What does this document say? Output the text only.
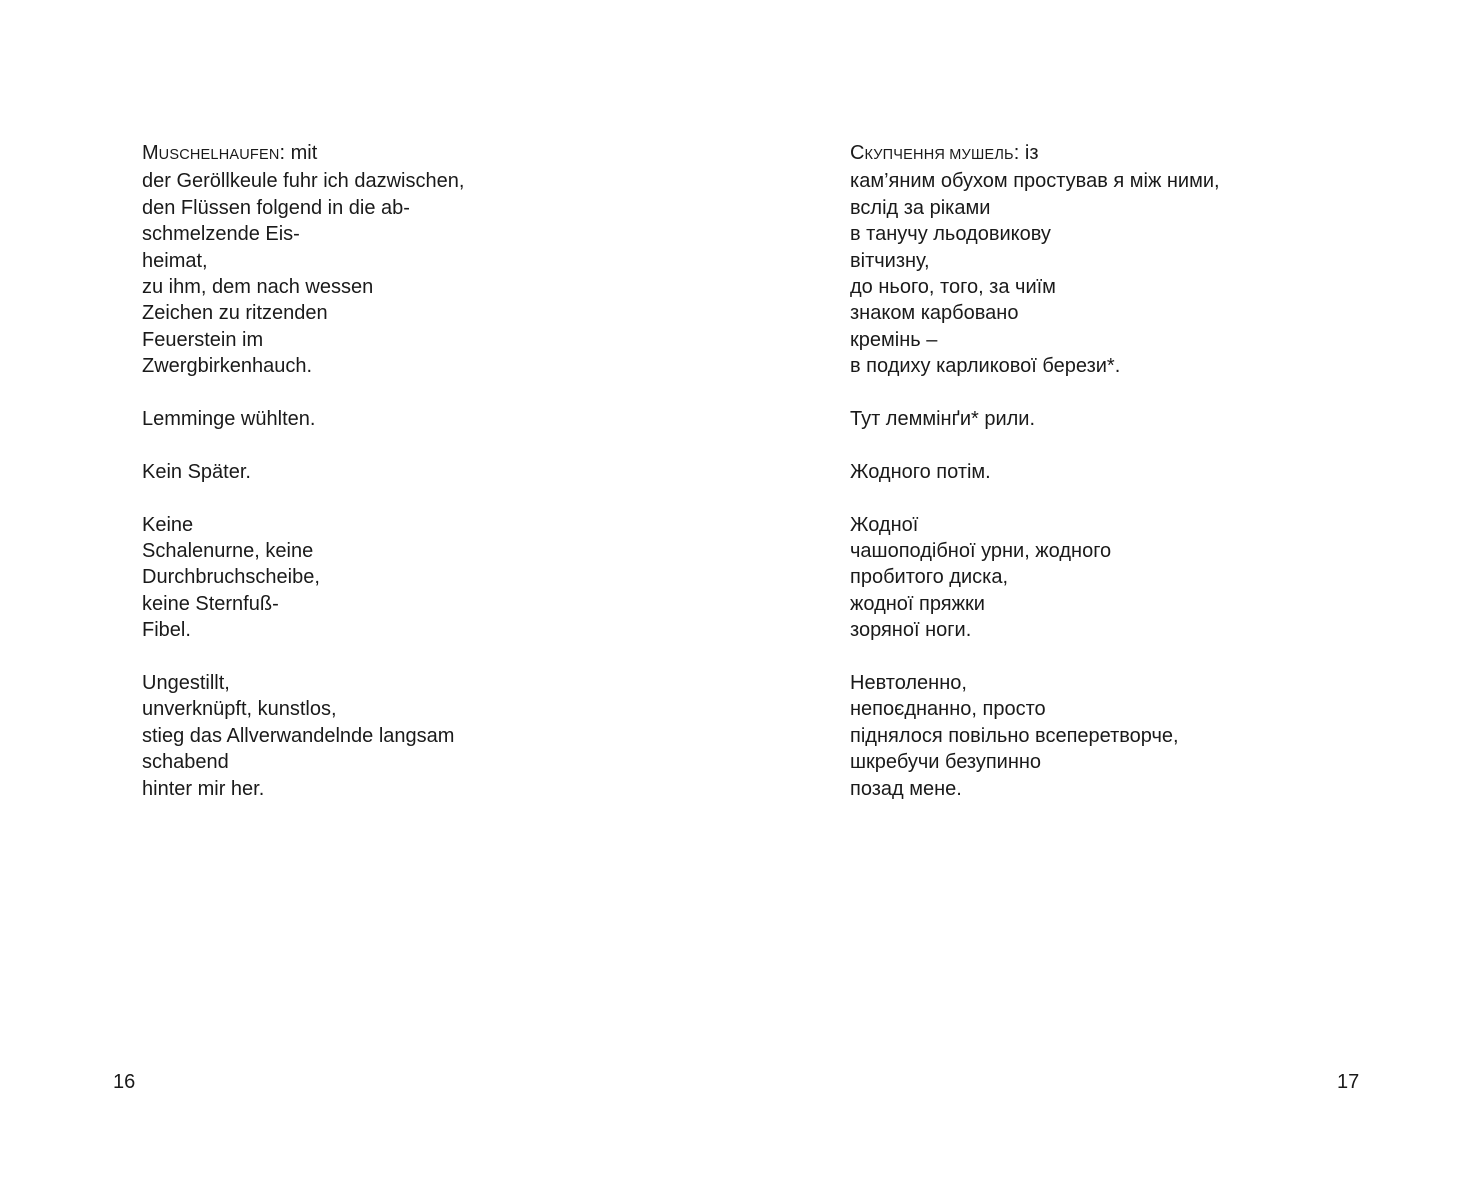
MUSCHELHAUFEN: mit
der Geröllkeule fuhr ich dazwischen,
den Flüssen folgend in die ab-
schmelzende Eis-
heimat,
zu ihm, dem nach wessen
Zeichen zu ritzenden
Feuerstein im
Zwergbirkenhauch.
Lemminge wühlten.
Kein Später.
Keine
Schalenurne, keine
Durchbruchscheibe,
keine Sternfuß-
Fibel.
Ungestillt,
unverknüpft, kunstlos,
stieg das Allverwandelnde langsam
schabend
hinter mir her.
16
СКУПЧЕННЯ МУШЕЛЬ: із
кам’яним обухом простував я між ними,
вслід за ріками
в танучу льодовикову
вітчизну,
до нього, того, за чиїм
знаком карбовано
кремінь –
в подиху карликової берези*.
Тут леммінґи* рили.
Жодного потім.
Жодної
чашоподібної урни, жодного
пробитого диска,
жодної пряжки
зоряної ноги.
Невтоленно,
непоєднанно, просто
піднялося повільно всеперетворче,
шкребучи безупинно
позад мене.
17
